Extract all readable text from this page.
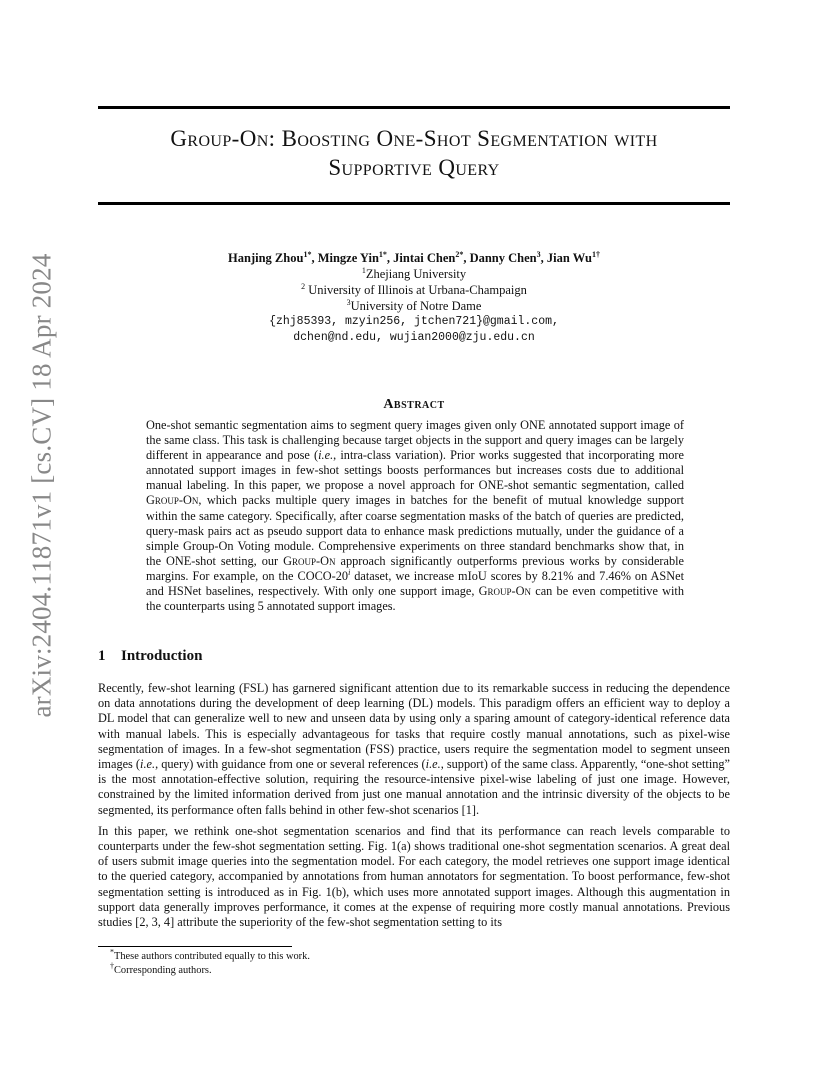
arXiv:2404.11871v1 [cs.CV] 18 Apr 2024
Group-On: Boosting One-Shot Segmentation with
Supportive Query
Hanjing Zhou$^{1*}$, Mingze Yin$^{1*}$, Jintai Chen$^{2*}$, Danny Chen$^3$, Jian $Wu^{1\dagger}$
$^1$Zhejiang University
$^2$ University of Illinois at Urbana-Champaign
$^3$University of Notre Dame
{zhj85393, mzyin256, jtchen721}@gmail.com,
dchen@nd.edu, wujian2000@zju.edu.cn
Abstract

One-shot semantic segmentation aims to segment query images given only ONE annotated support image of the same class. This task is challenging because target objects in the support and query images can be largely different in appearance and pose (i.e., intra-class variation). Prior works suggested that incorporating more annotated support images in few-shot settings boosts performances but increases costs due to additional manual labeling. In this paper, we propose a novel approach for ONE-shot semantic segmentation, called Group-On, which packs multiple query images in batches for the benefit of mutual knowledge support within the same category. Specifically, after coarse segmentation masks of the batch of queries are predicted, query-mask pairs act as pseudo support data to enhance mask predictions mutually, under the guidance of a simple Group-On Voting module. Comprehensive experiments on three standard benchmarks show that, in the ONE-shot setting, our Group-On approach significantly outperforms previous works by considerable margins. For example, on the COCO-20$^i$ dataset, we increase mIoU scores by 8.21% and 7.46% on ASNet and HSNet baselines, respectively. With only one support image, Group-On can be even competitive with the counterparts using 5 annotated support images.

1 Introduction

Recently, few-shot learning (FSL) has garnered significant attention due to its remarkable success in reducing the dependence on data annotations during the development of deep learning (DL) models. This paradigm offers an efficient way to deploy a DL model that can generalize well to new and unseen data by using only a sparing amount of category-identical reference data with manual labels. This is especially advantageous for tasks that require costly manual annotations, such as pixel-wise segmentation of images. In a few-shot segmentation (FSS) practice, users require the segmentation model to segment unseen images (i.e., query) with guidance from one or several references (i.e., support) of the same class. Apparently, “one-shot setting” is the most annotation-effective solution, requiring the resource-intensive pixel-wise labeling of just one image. However, constrained by the limited information derived from just one manual annotation and the intrinsic diversity of the objects to be segmented, its performance often falls behind in other few-shot scenarios [1].

In this paper, we rethink one-shot segmentation scenarios and find that its performance can reach levels comparable to counterparts under the few-shot segmentation setting. Fig. 1(a) shows traditional one-shot segmentation scenarios. A great deal of users submit image queries into the segmentation model. For each category, the model retrieves one support image identical to the queried category, accompanied by annotations from human annotators for segmentation. To boost performance, few-shot segmentation setting is introduced as in Fig. 1(b), which uses more annotated support images. Although this augmentation in support data generally improves performance, it comes at the expense of requiring more costly manual annotations. Previous studies [2, 3, 4] attribute the superiority of the few-shot segmentation setting to its

*These authors contributed equally to this work.
†Corresponding authors.
